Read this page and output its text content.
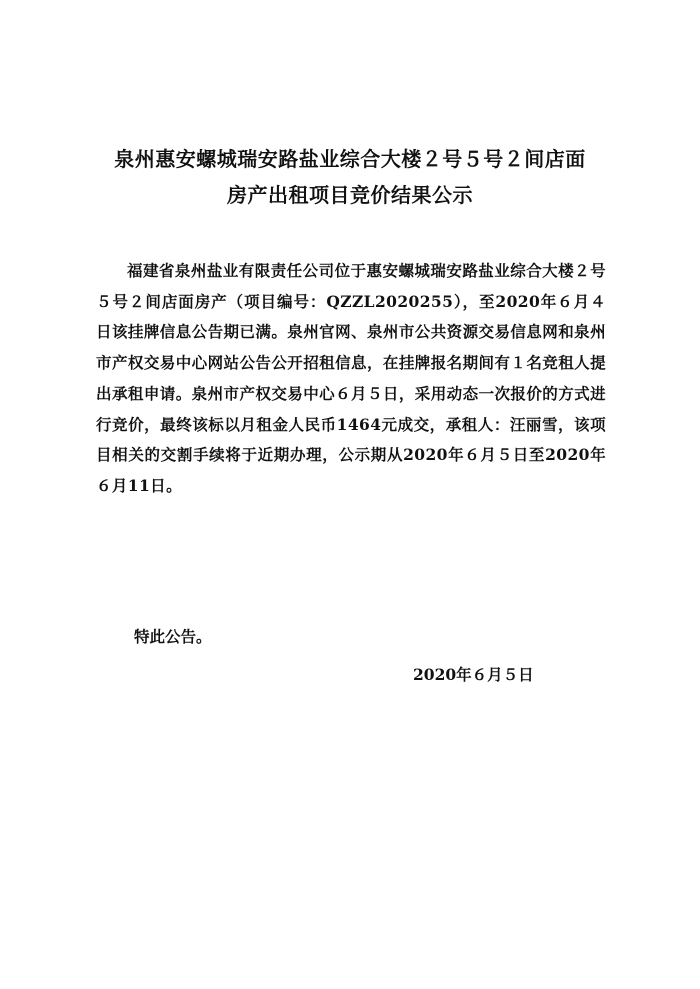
泉州惠安螺城瑞安路盐业综合大楼２号５号２间店面
房产出租项目竞价结果公示

福建省泉州盐业有限责任公司位于惠安螺城瑞安路盐业综合大楼２号５号２间店面房产（项目编号：QZZL2020255），至2020年６月４日该挂牌信息公告期已满。泉州官网、泉州市公共资源交易信息网和泉州市产权交易中心网站公告公开招租信息，在挂牌报名期间有１名竞租人提出承租申请。泉州市产权交易中心６月５日，采用动态一次报价的方式进行竞价，最终该标以月租金人民币1464元成交，承租人：汪丽雪，该项目相关的交割手续将于近期办理，公示期从2020年６月５日至2020年６月11日。

特此公告。

2020年６月５日
